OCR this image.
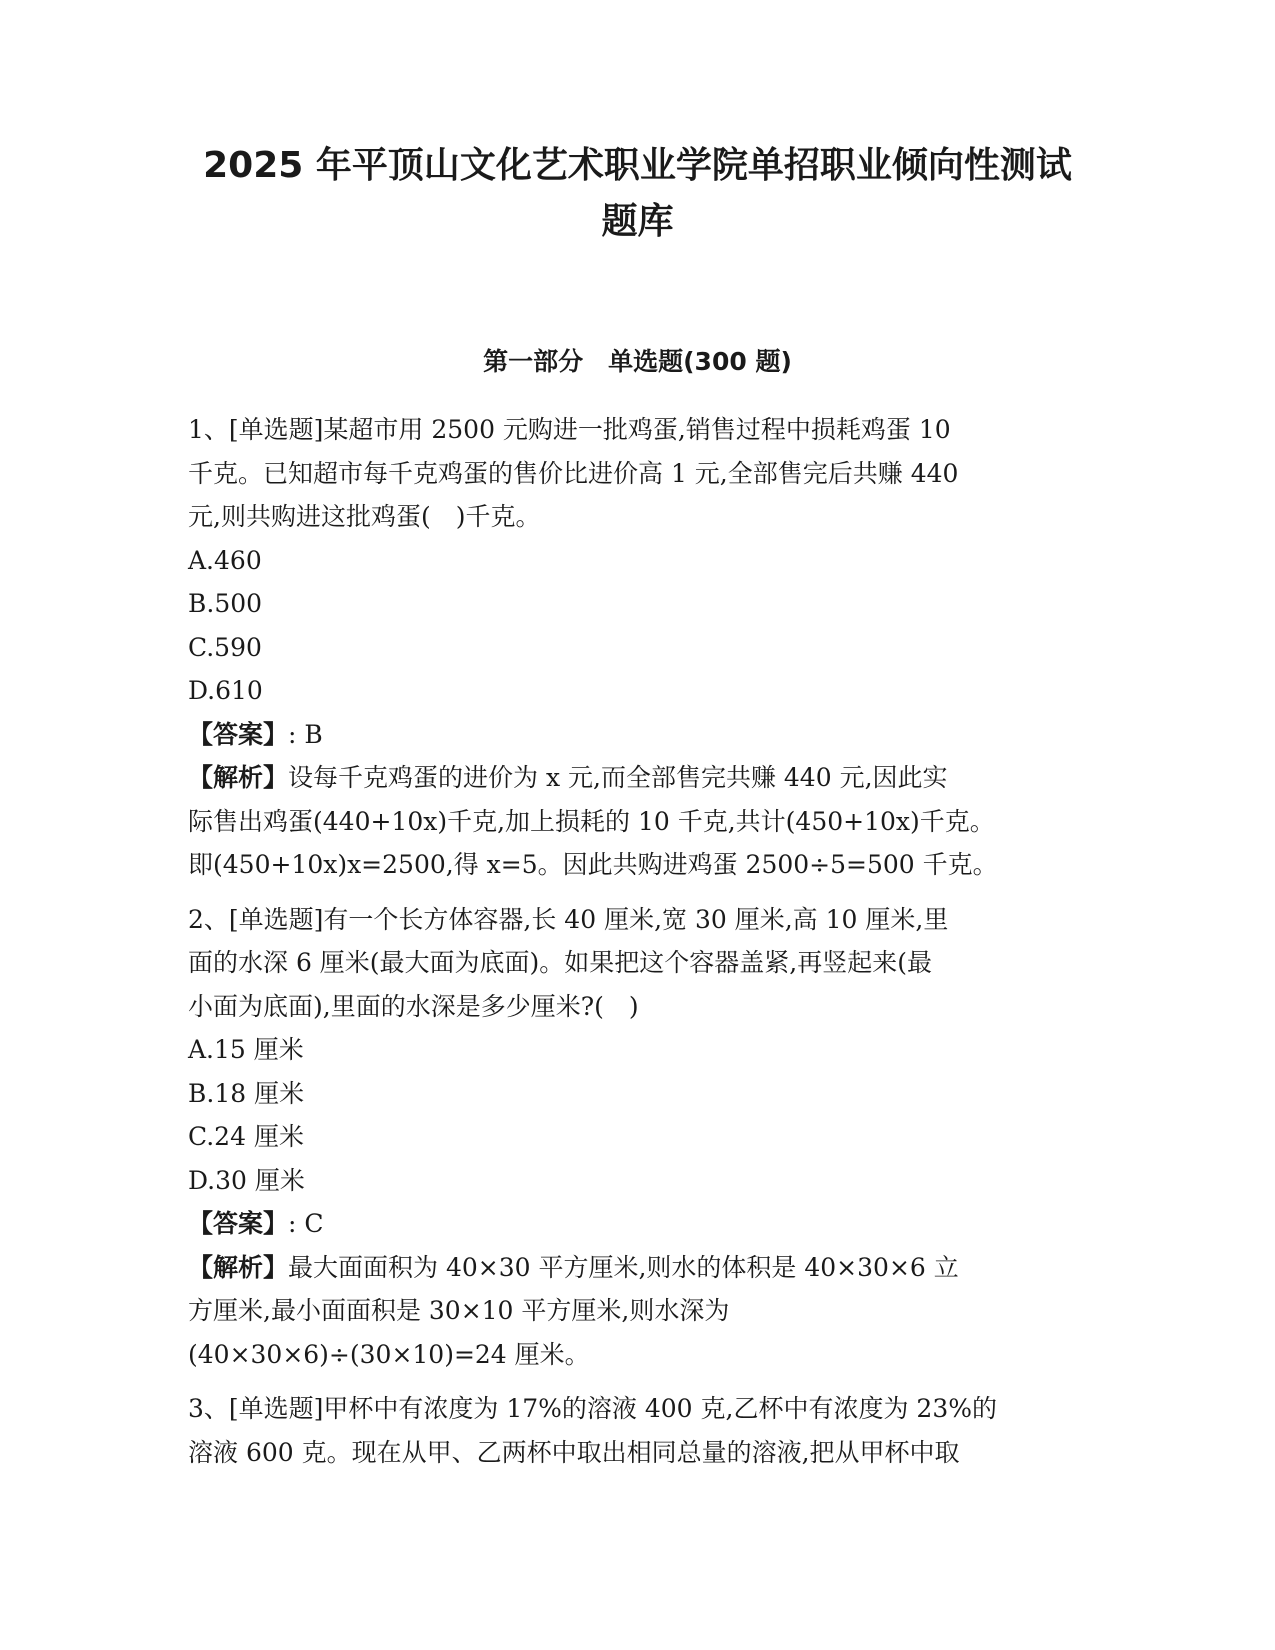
2025 年平顶山文化艺术职业学院单招职业倾向性测试
题库
第一部分　单选题(300 题)
1、[单选题]某超市用 2500 元购进一批鸡蛋,销售过程中损耗鸡蛋 10
千克。已知超市每千克鸡蛋的售价比进价高 1 元,全部售完后共赚 440
元,则共购进这批鸡蛋(　)千克。
A.460
B.500
C.590
D.610
【答案】: B
【解析】设每千克鸡蛋的进价为 x 元,而全部售完共赚 440 元,因此实
际售出鸡蛋(440+10x)千克,加上损耗的 10 千克,共计(450+10x)千克。
即(450+10x)x=2500,得 x=5。因此共购进鸡蛋 2500÷5=500 千克。
2、[单选题]有一个长方体容器,长 40 厘米,宽 30 厘米,高 10 厘米,里
面的水深 6 厘米(最大面为底面)。如果把这个容器盖紧,再竖起来(最
小面为底面),里面的水深是多少厘米?(　)
A.15 厘米
B.18 厘米
C.24 厘米
D.30 厘米
【答案】: C
【解析】最大面面积为 40×30 平方厘米,则水的体积是 40×30×6 立
方厘米,最小面面积是 30×10 平方厘米,则水深为
(40×30×6)÷(30×10)=24 厘米。
3、[单选题]甲杯中有浓度为 17%的溶液 400 克,乙杯中有浓度为 23%的
溶液 600 克。现在从甲、乙两杯中取出相同总量的溶液,把从甲杯中取
